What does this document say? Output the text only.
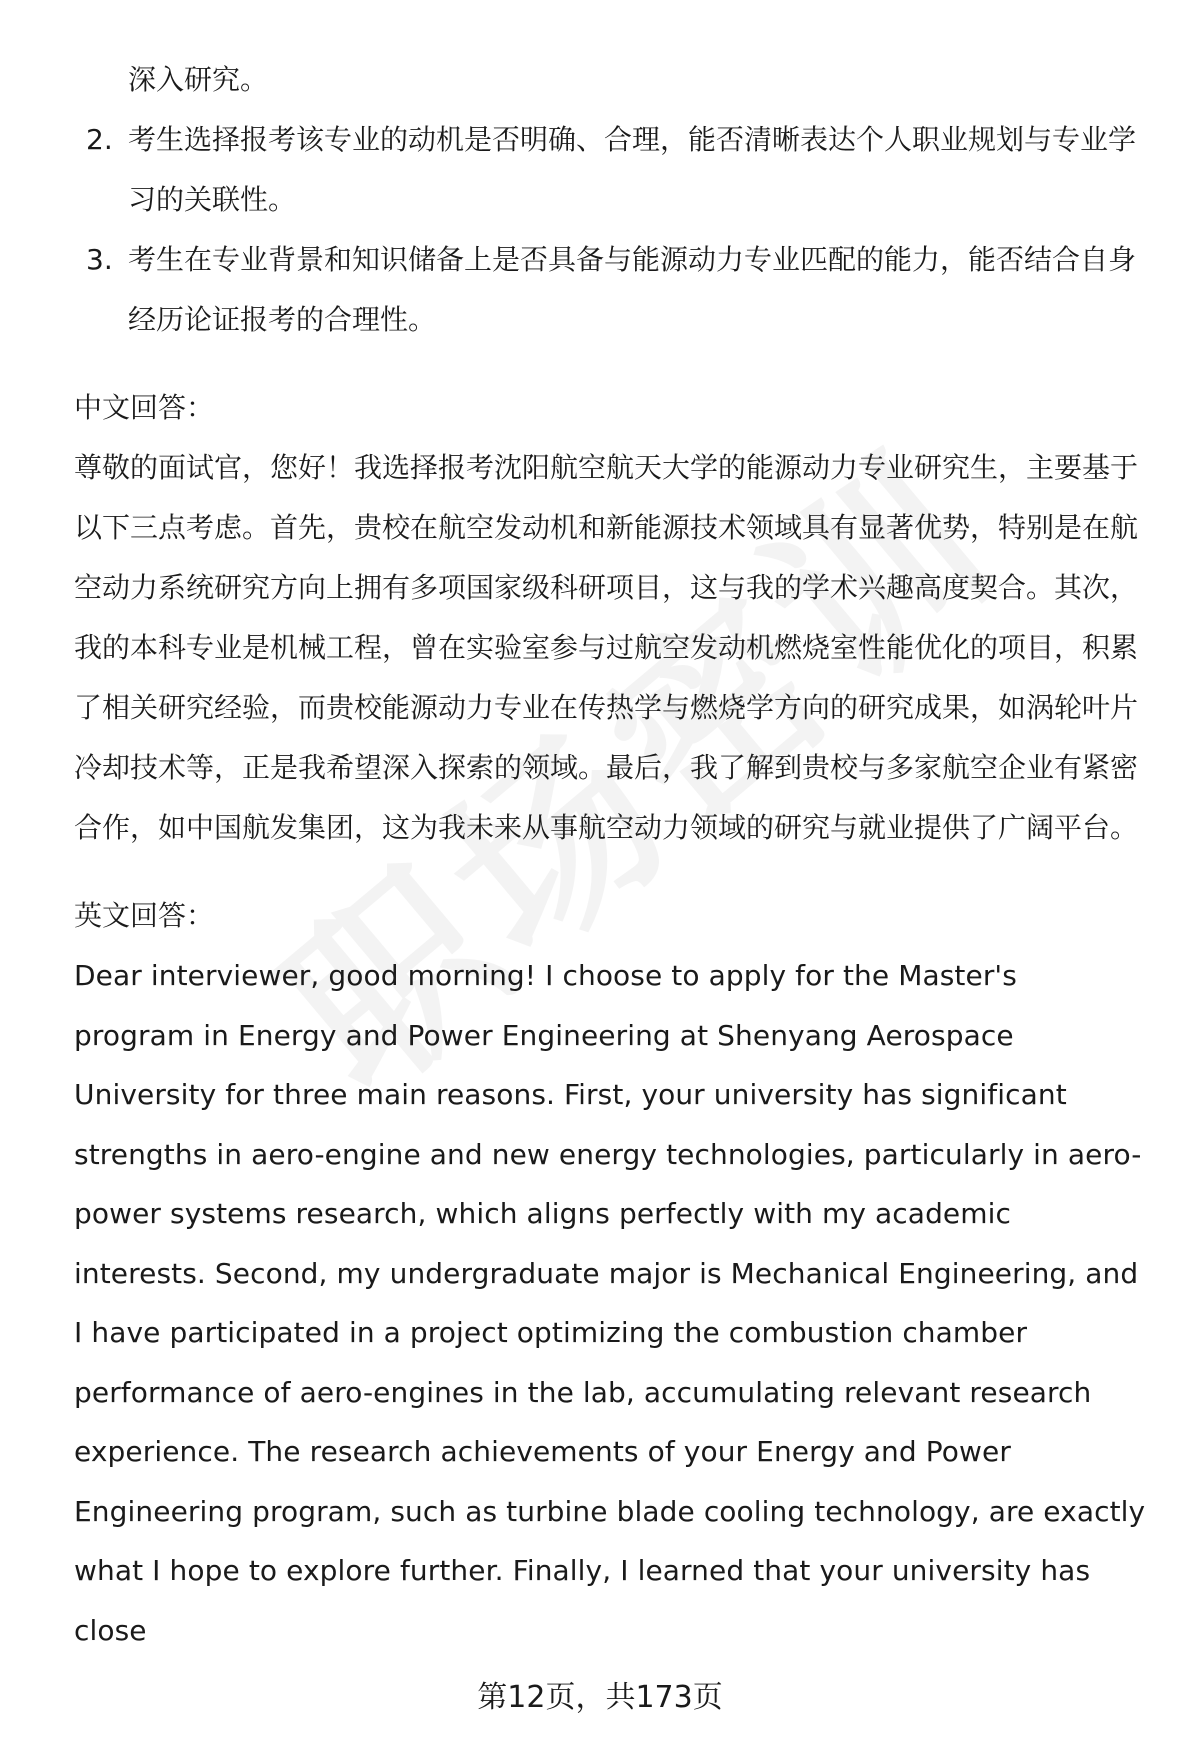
深入研究。
2. 考生选择报考该专业的动机是否明确、合理，能否清晰表达个人职业规划与专业学习的关联性。
3. 考生在专业背景和知识储备上是否具备与能源动力专业匹配的能力，能否结合自身经历论证报考的合理性。
中文回答：

尊敬的面试官，您好！我选择报考沈阳航空航天大学的能源动力专业研究生，主要基于以下三点考虑。首先，贵校在航空发动机和新能源技术领域具有显著优势，特别是在航空动力系统研究方向上拥有多项国家级科研项目，这与我的学术兴趣高度契合。其次，我的本科专业是机械工程，曾在实验室参与过航空发动机燃烧室性能优化的项目，积累了相关研究经验，而贵校能源动力专业在传热学与燃烧学方向的研究成果，如涡轮叶片冷却技术等，正是我希望深入探索的领域。最后，我了解到贵校与多家航空企业有紧密合作，如中国航发集团，这为我未来从事航空动力领域的研究与就业提供了广阔平台。

英文回答：

Dear interviewer, good morning! I choose to apply for the Master's program in Energy and Power Engineering at Shenyang Aerospace University for three main reasons. First, your university has significant strengths in aero-engine and new energy technologies, particularly in aero-power systems research, which aligns perfectly with my academic interests. Second, my undergraduate major is Mechanical Engineering, and I have participated in a project optimizing the combustion chamber performance of aero-engines in the lab, accumulating relevant research experience. The research achievements of your Energy and Power Engineering program, such as turbine blade cooling technology, are exactly what I hope to explore further. Finally, I learned that your university has close

第12页，共173页
